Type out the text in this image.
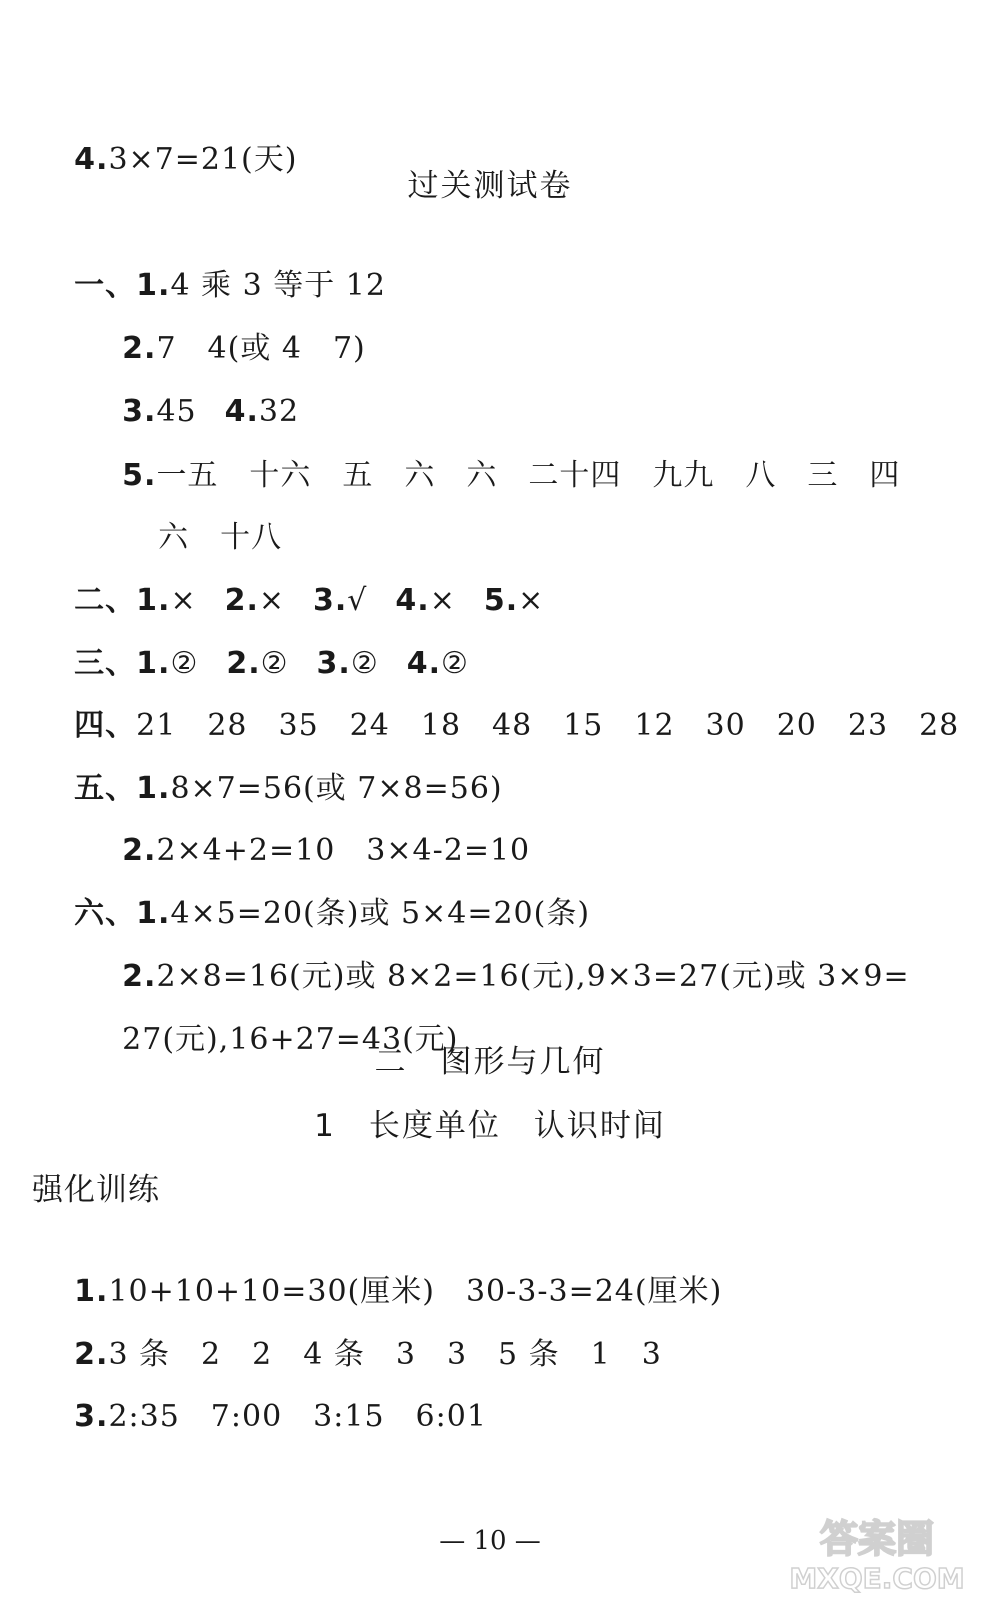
4.3×7=21(天)

过关测试卷

一、1.4 乘 3 等于 12

2.7　4(或 4　7)

3.45 4.32

5.一五　十六　五　六　六　二十四　九九　八　三　四

六　十八

二、1.× 2.× 3.√ 4.× 5.×

三、1.② 2.② 3.② 4.②

四、21　28　35　24　18　48　15　12　30　20　23　28

五、1.8×7=56(或 7×8=56)

2.2×4+2=10　3×4-2=10

六、1.4×5=20(条)或 5×4=20(条)

2.2×8=16(元)或 8×2=16(元),9×3=27(元)或 3×9=

27(元),16+27=43(元)

二　图形与几何
1　长度单位　认识时间
强化训练

1.10+10+10=30(厘米)　30-3-3=24(厘米)

2.3 条　2　2　4 条　3　3　5 条　1　3

3.2:35　7:00　3:15　6:01

— 10 —	答案圈
MXQE.COM
